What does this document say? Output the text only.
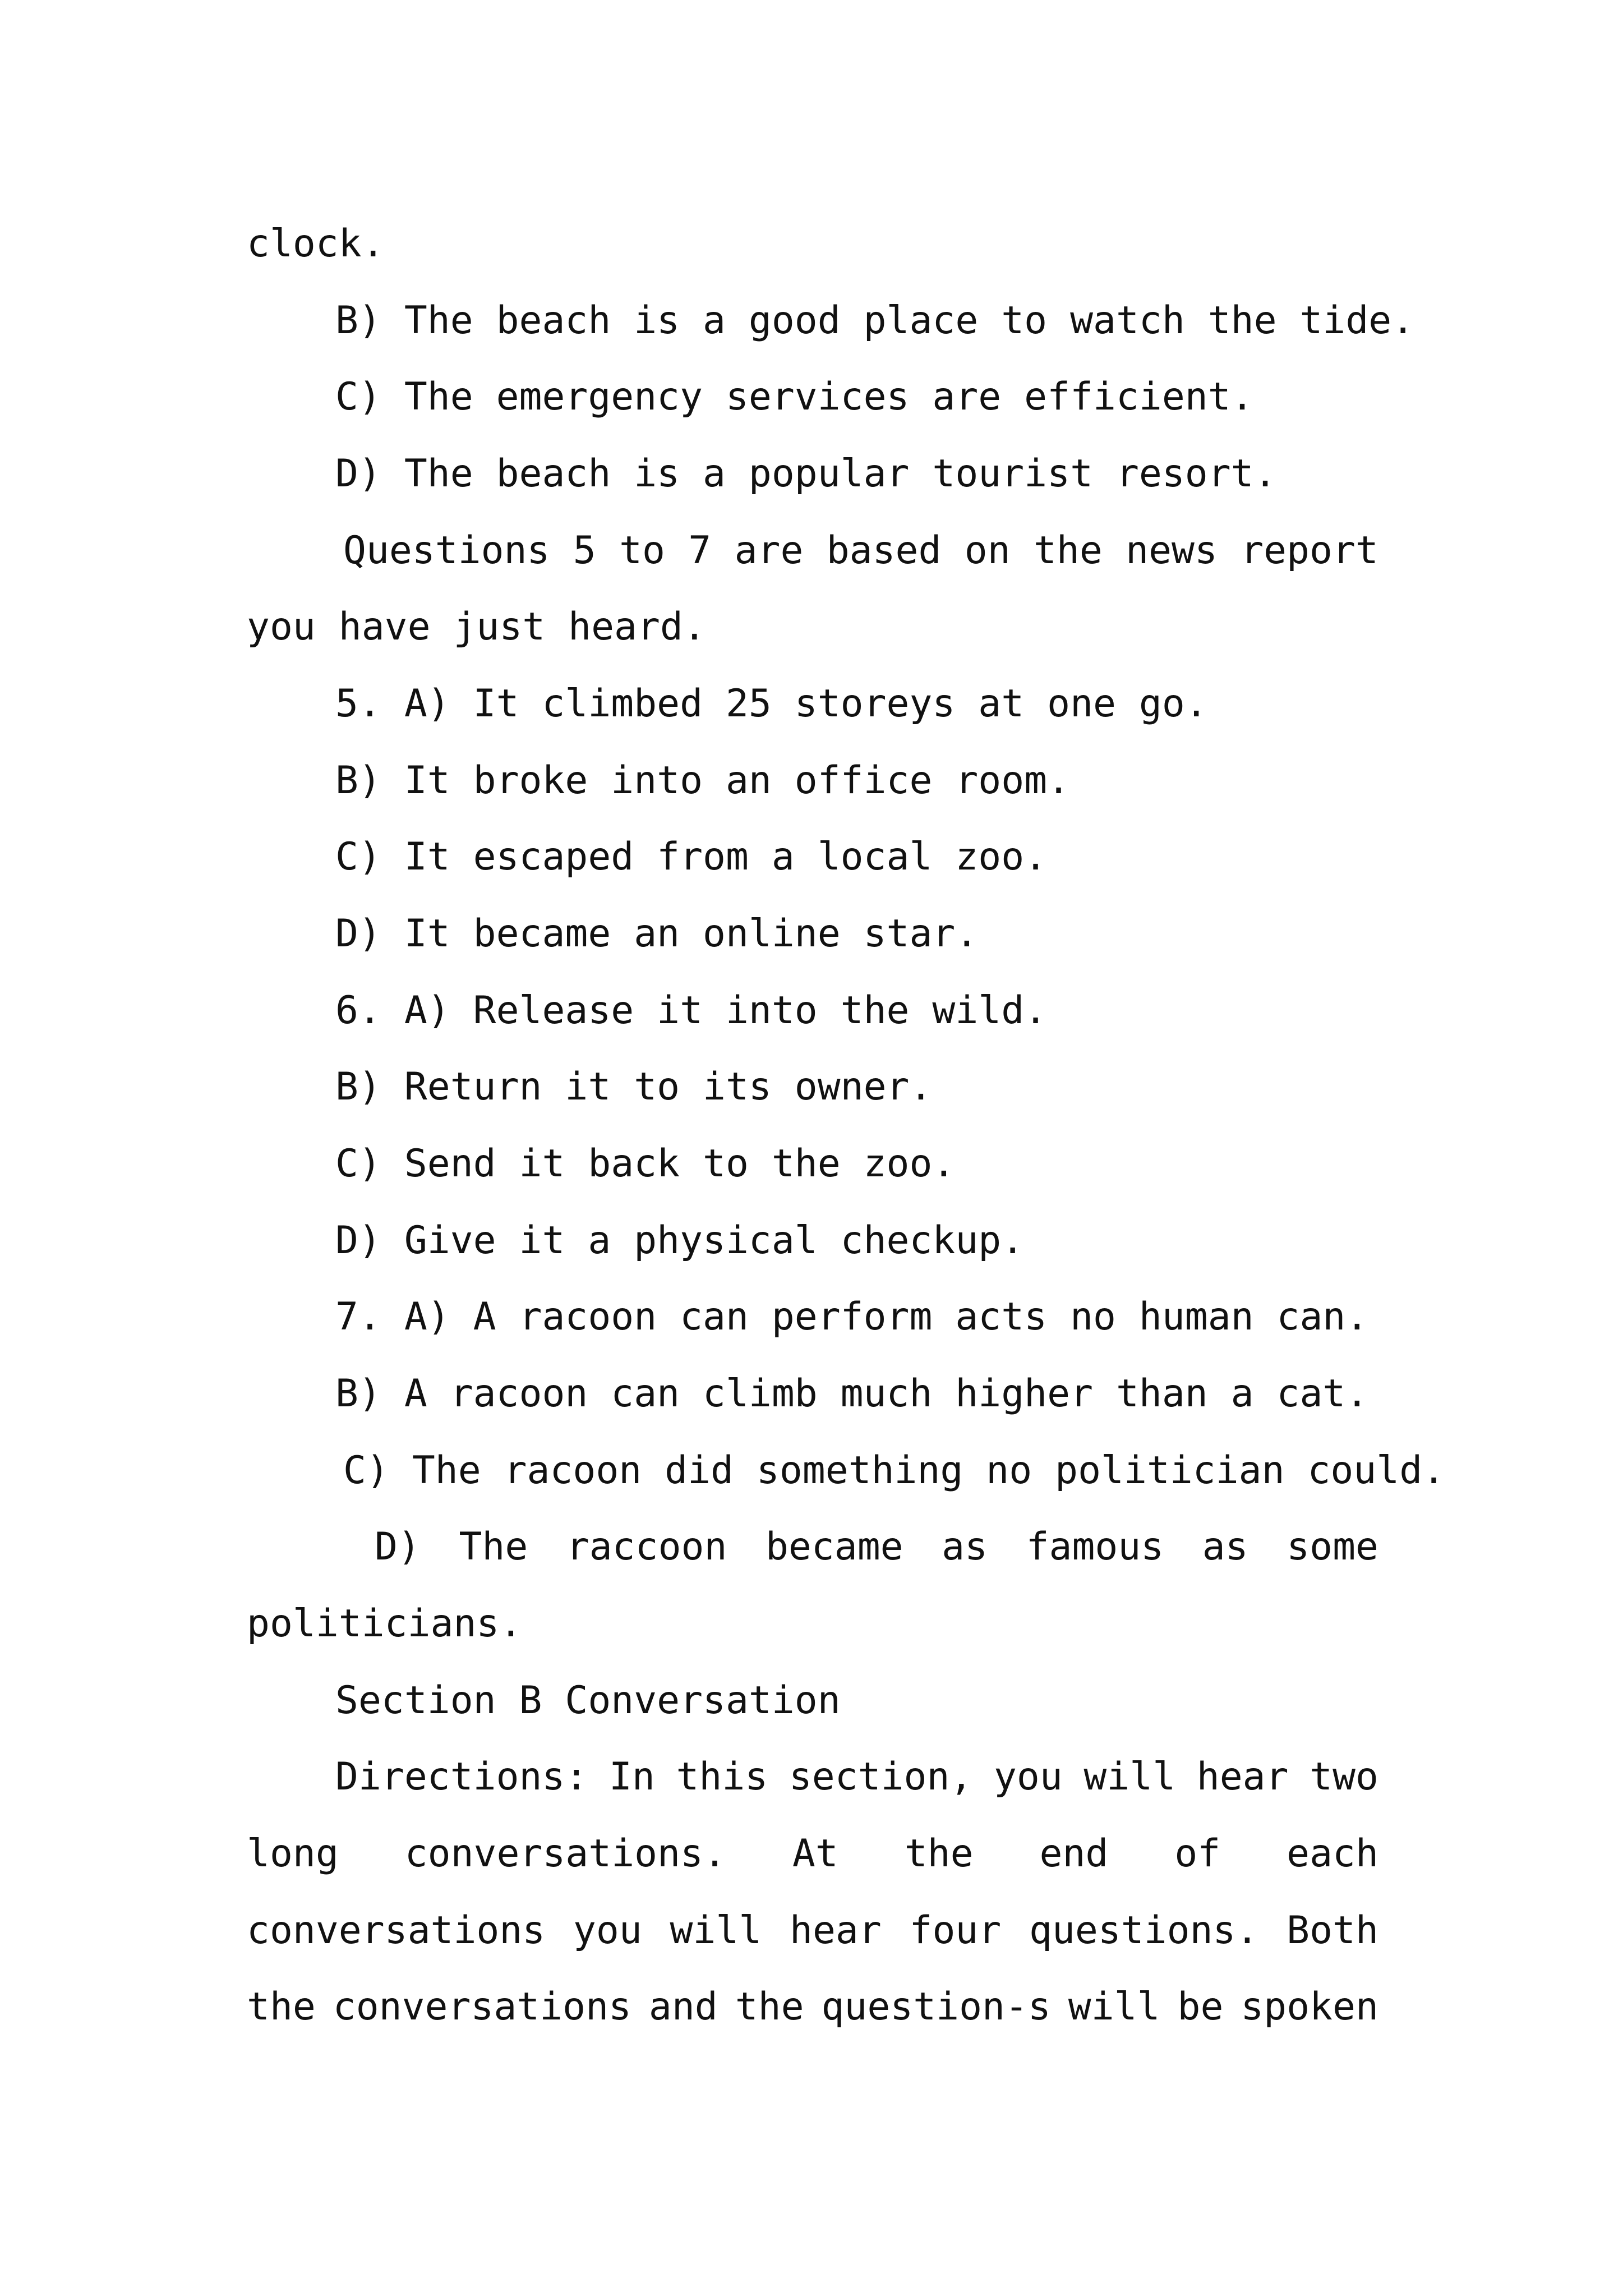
clock.
B) The beach is a good place to watch the tide.
C) The emergency services are efficient.
D) The beach is a popular tourist resort.
Questions 5 to 7 are based on the news report
you have just heard.
5. A) It climbed 25 storeys at one go.
B) It broke into an office room.
C) It escaped from a local zoo.
D) It became an online star.
6. A) Release it into the wild.
B) Return it to its owner.
C) Send it back to the zoo.
D) Give it a physical checkup.
7. A) A racoon can perform acts no human can.
B) A racoon can climb much higher than a cat.
C) The racoon did something no politician could.
D) The raccoon became as famous as some
politicians.
Section B Conversation
Directions: In this section, you will hear two
long conversations. At the end of each
conversations you will hear four questions. Both
the conversations and the question-s will be spoken
